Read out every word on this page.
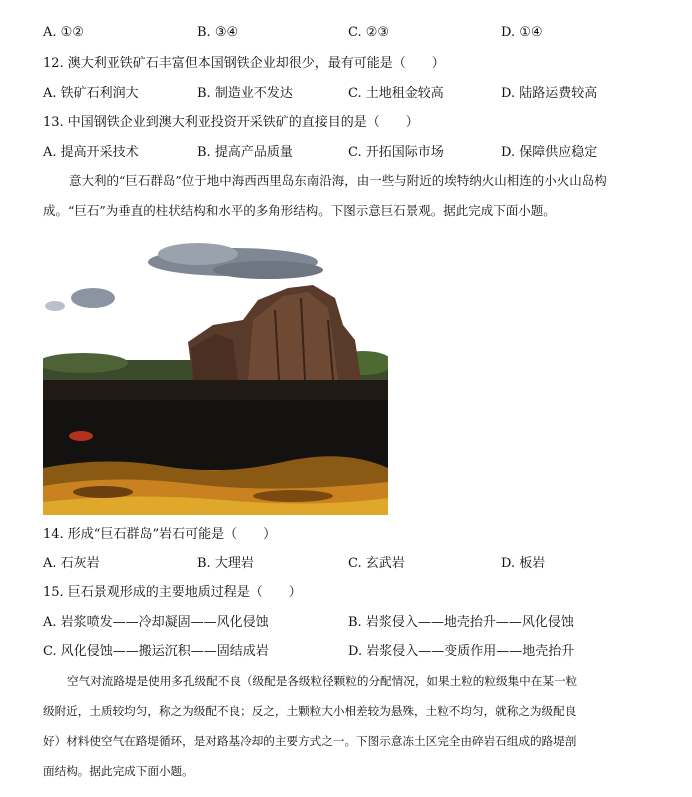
A. ①②	B. ③④	C. ②③	D. ①④
12. 澳大利亚铁矿石丰富但本国钢铁企业却很少，最有可能是（　　）
A. 铁矿石利润大	B. 制造业不发达	C. 土地租金较高	D. 陆路运费较高
13. 中国钢铁企业到澳大利亚投资开采铁矿的直接目的是（　　）
A. 提高开采技术	B. 提高产品质量	C. 开拓国际市场	D. 保障供应稳定
意大利的“巨石群岛”位于地中海西西里岛东南沿海，由一些与附近的埃特纳火山相连的小火山岛构
成。“巨石”为垂直的柱状结构和水平的多角形结构。下图示意巨石景观。据此完成下面小题。
14. 形成“巨石群岛”岩石可能是（　　）
A. 石灰岩	B. 大理岩	C. 玄武岩	D. 板岩
15. 巨石景观形成的主要地质过程是（　　）
A. 岩浆喷发——冷却凝固——风化侵蚀	B. 岩浆侵入——地壳抬升——风化侵蚀
C. 风化侵蚀——搬运沉积——固结成岩	D. 岩浆侵入——变质作用——地壳抬升
空气对流路堤是使用多孔级配不良（级配是各级粒径颗粒的分配情况，如果土粒的粒级集中在某一粒
级附近，土质较均匀，称之为级配不良；反之，土颗粒大小相差较为悬殊，土粒不均匀，就称之为级配良
好）材料使空气在路堤循环，是对路基冷却的主要方式之一。下图示意冻土区完全由碎岩石组成的路堤剖
面结构。据此完成下面小题。
